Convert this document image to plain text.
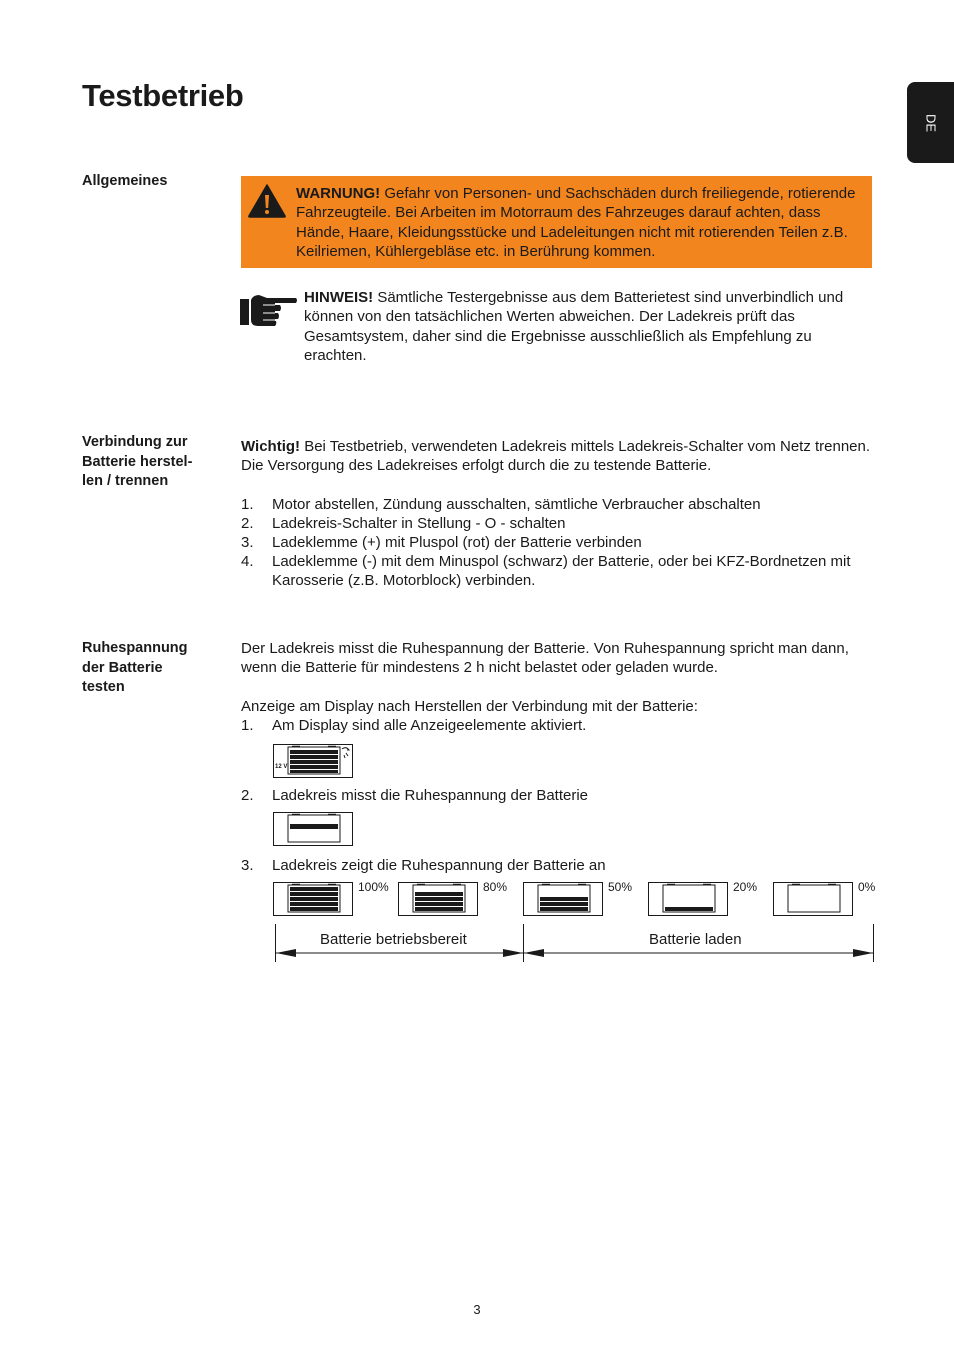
Testbetrieb
DE
Allgemeines
WARNUNG! Gefahr von Personen- und Sachschäden durch freiliegende, rotierende Fahrzeugteile. Bei Arbeiten im Motorraum des Fahrzeuges darauf achten, dass Hände, Haare, Kleidungsstücke und Ladeleitungen nicht mit rotierenden Teilen z.B. Keilriemen, Kühlergebläse etc. in Berührung kommen.
HINWEIS! Sämtliche Testergebnisse aus dem Batterietest sind unverbindlich und können von den tatsächlichen Werten abweichen. Der Ladekreis prüft das Gesamtsystem, daher sind die Ergebnisse ausschließlich als Empfehlung zu erachten.
Verbindung zur
Batterie herstel-
len / trennen
Wichtig! Bei Testbetrieb, verwendeten Ladekreis mittels Ladekreis-Schalter vom Netz trennen. Die Versorgung des Ladekreises erfolgt durch die zu testende Batterie.
1.	Motor abstellen, Zündung ausschalten, sämtliche Verbraucher abschalten
2.	Ladekreis-Schalter in Stellung - O - schalten
3.	Ladeklemme (+) mit Pluspol (rot) der Batterie verbinden
4.	Ladeklemme (-) mit dem Minuspol (schwarz) der Batterie, oder bei KFZ-Bordnetzen mit Karosserie (z.B. Motorblock) verbinden.
Ruhespannung
der Batterie
testen
Der Ladekreis misst die Ruhespannung der Batterie. Von Ruhespannung spricht man dann, wenn die Batterie für mindestens 2 h nicht belastet oder geladen wurde.
Anzeige am Display nach Herstellen der Verbindung mit der Batterie:
1.	Am Display sind alle Anzeigeelemente aktiviert.
12 V
2.	Ladekreis misst die Ruhespannung der Batterie
3.	Ladekreis zeigt die Ruhespannung der Batterie an
100%	80%	50%	20%	0%
Batterie betriebsbereit	Batterie laden
3
